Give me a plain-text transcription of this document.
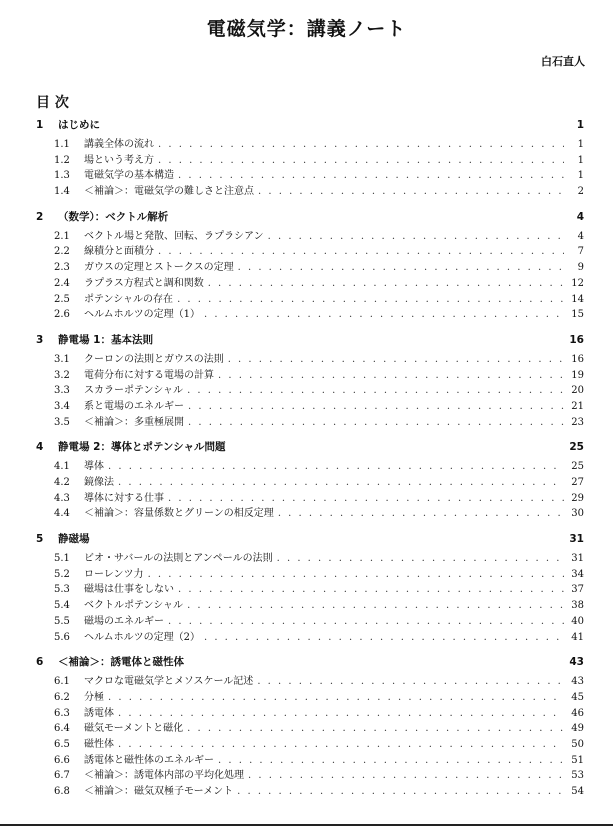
電磁気学：講義ノート
白石直人
目 次
1	はじめに	1
1.1	講義全体の流れ . . .	1
1.2	場という考え方 . . .	1
1.3	電磁気学の基本構造 . . .	1
1.4	＜補論＞：電磁気学の難しさと注意点 . . .	2
2	（数学）：ベクトル解析	4
2.1	ベクトル場と発散、回転、ラプラシアン . . .	4
2.2	線積分と面積分 . . .	7
2.3	ガウスの定理とストークスの定理 . . .	9
2.4	ラプラス方程式と調和関数 . . .	12
2.5	ポテンシャルの存在 . . .	14
2.6	ヘルムホルツの定理（1） . . .	15
3	静電場 1：基本法則	16
3.1	クーロンの法則とガウスの法則 . . .	16
3.2	電荷分布に対する電場の計算 . . .	19
3.3	スカラーポテンシャル . . .	20
3.4	系と電場のエネルギー . . .	21
3.5	＜補論＞：多重極展開 . . .	23
4	静電場 2：導体とポテンシャル問題	25
4.1	導体 . . .	25
4.2	鏡像法 . . .	27
4.3	導体に対する仕事 . . .	29
4.4	＜補論＞：容量係数とグリーンの相反定理 . . .	30
5	静磁場	31
5.1	ビオ・サバールの法則とアンペールの法則 . . .	31
5.2	ローレンツ力 . . .	34
5.3	磁場は仕事をしない . . .	37
5.4	ベクトルポテンシャル . . .	38
5.5	磁場のエネルギー . . .	40
5.6	ヘルムホルツの定理（2） . . .	41
6	＜補論＞：誘電体と磁性体	43
6.1	マクロな電磁気学とメソスケール記述 . . .	43
6.2	分極 . . .	45
6.3	誘電体 . . .	46
6.4	磁気モーメントと磁化 . . .	49
6.5	磁性体 . . .	50
6.6	誘電体と磁性体のエネルギー . . .	51
6.7	＜補論＞：誘電体内部の平均化処理 . . .	53
6.8	＜補論＞：磁気双極子モーメント . . .	54
